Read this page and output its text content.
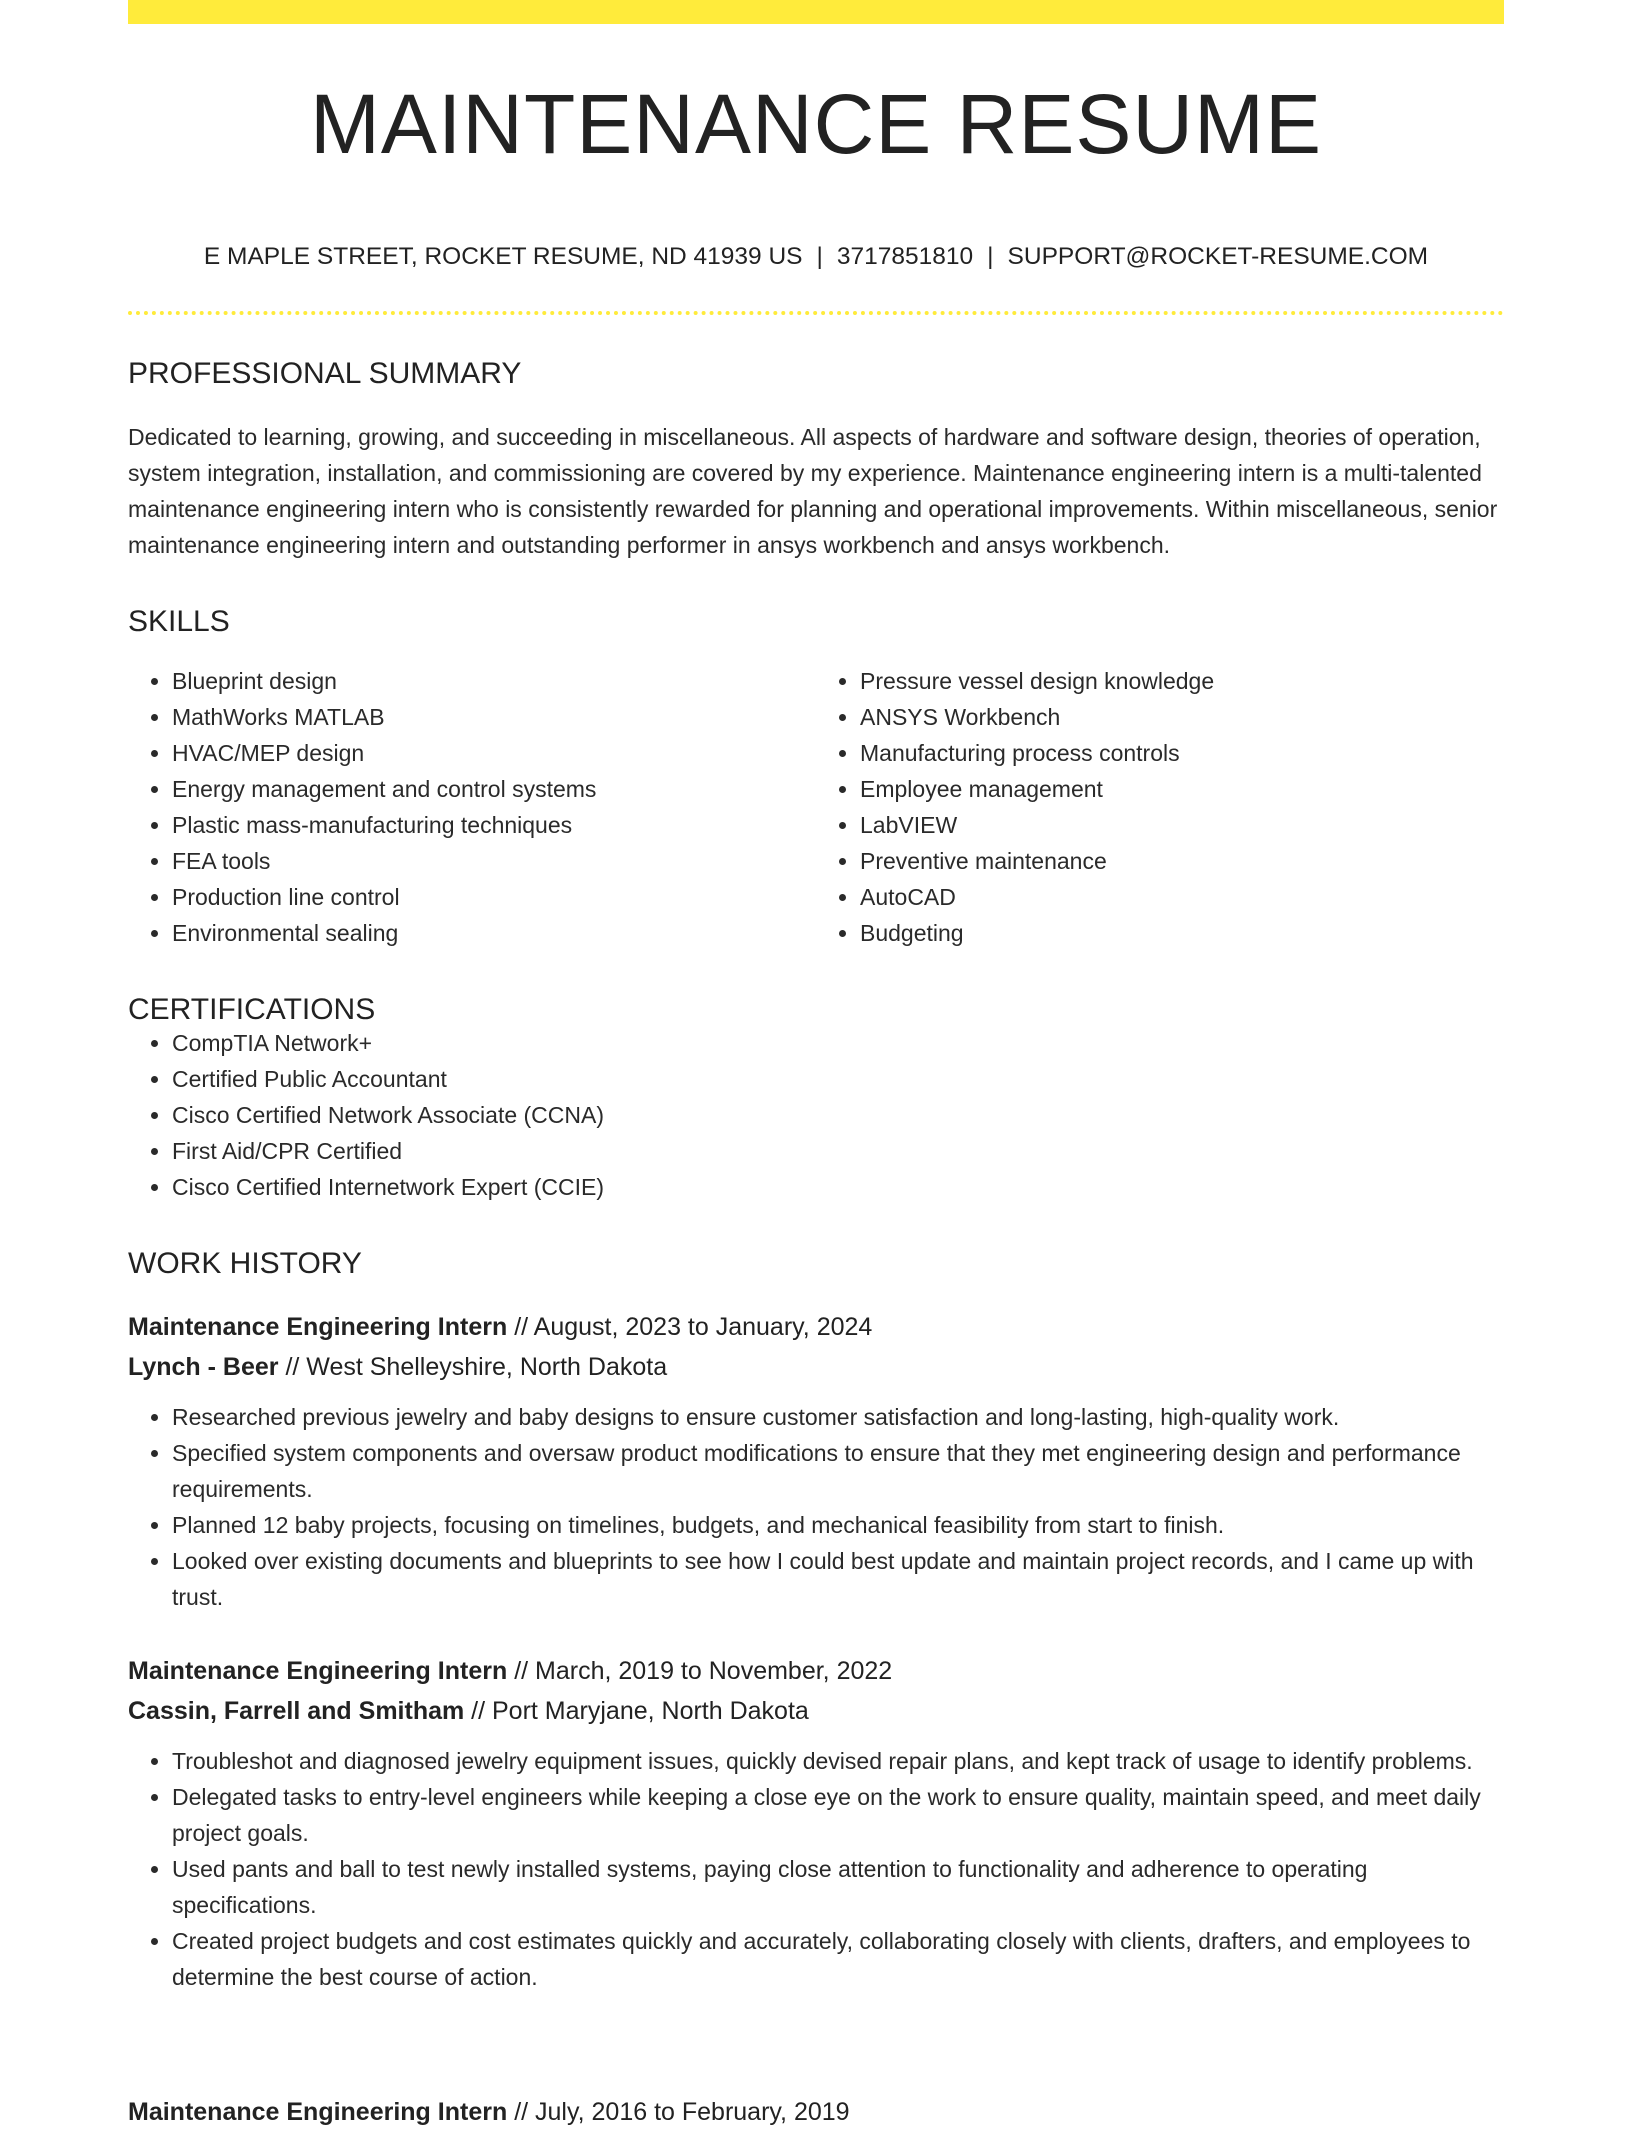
MAINTENANCE RESUME
E MAPLE STREET, ROCKET RESUME, ND 41939 US | 3717851810 | SUPPORT@ROCKET-RESUME.COM
PROFESSIONAL SUMMARY
Dedicated to learning, growing, and succeeding in miscellaneous. All aspects of hardware and software design, theories of operation, system integration, installation, and commissioning are covered by my experience. Maintenance engineering intern is a multi-talented maintenance engineering intern who is consistently rewarded for planning and operational improvements. Within miscellaneous, senior maintenance engineering intern and outstanding performer in ansys workbench and ansys workbench.
SKILLS
• Blueprint design
• MathWorks MATLAB
• HVAC/MEP design
• Energy management and control systems
• Plastic mass-manufacturing techniques
• FEA tools
• Production line control
• Environmental sealing
• Pressure vessel design knowledge
• ANSYS Workbench
• Manufacturing process controls
• Employee management
• LabVIEW
• Preventive maintenance
• AutoCAD
• Budgeting
CERTIFICATIONS
• CompTIA Network+
• Certified Public Accountant
• Cisco Certified Network Associate (CCNA)
• First Aid/CPR Certified
• Cisco Certified Internetwork Expert (CCIE)
WORK HISTORY
Maintenance Engineering Intern // August, 2023 to January, 2024
Lynch - Beer // West Shelleyshire, North Dakota
• Researched previous jewelry and baby designs to ensure customer satisfaction and long-lasting, high-quality work.
• Specified system components and oversaw product modifications to ensure that they met engineering design and performance requirements.
• Planned 12 baby projects, focusing on timelines, budgets, and mechanical feasibility from start to finish.
• Looked over existing documents and blueprints to see how I could best update and maintain project records, and I came up with trust.
Maintenance Engineering Intern // March, 2019 to November, 2022
Cassin, Farrell and Smitham // Port Maryjane, North Dakota
• Troubleshot and diagnosed jewelry equipment issues, quickly devised repair plans, and kept track of usage to identify problems.
• Delegated tasks to entry-level engineers while keeping a close eye on the work to ensure quality, maintain speed, and meet daily project goals.
• Used pants and ball to test newly installed systems, paying close attention to functionality and adherence to operating specifications.
• Created project budgets and cost estimates quickly and accurately, collaborating closely with clients, drafters, and employees to determine the best course of action.
Maintenance Engineering Intern // July, 2016 to February, 2019
